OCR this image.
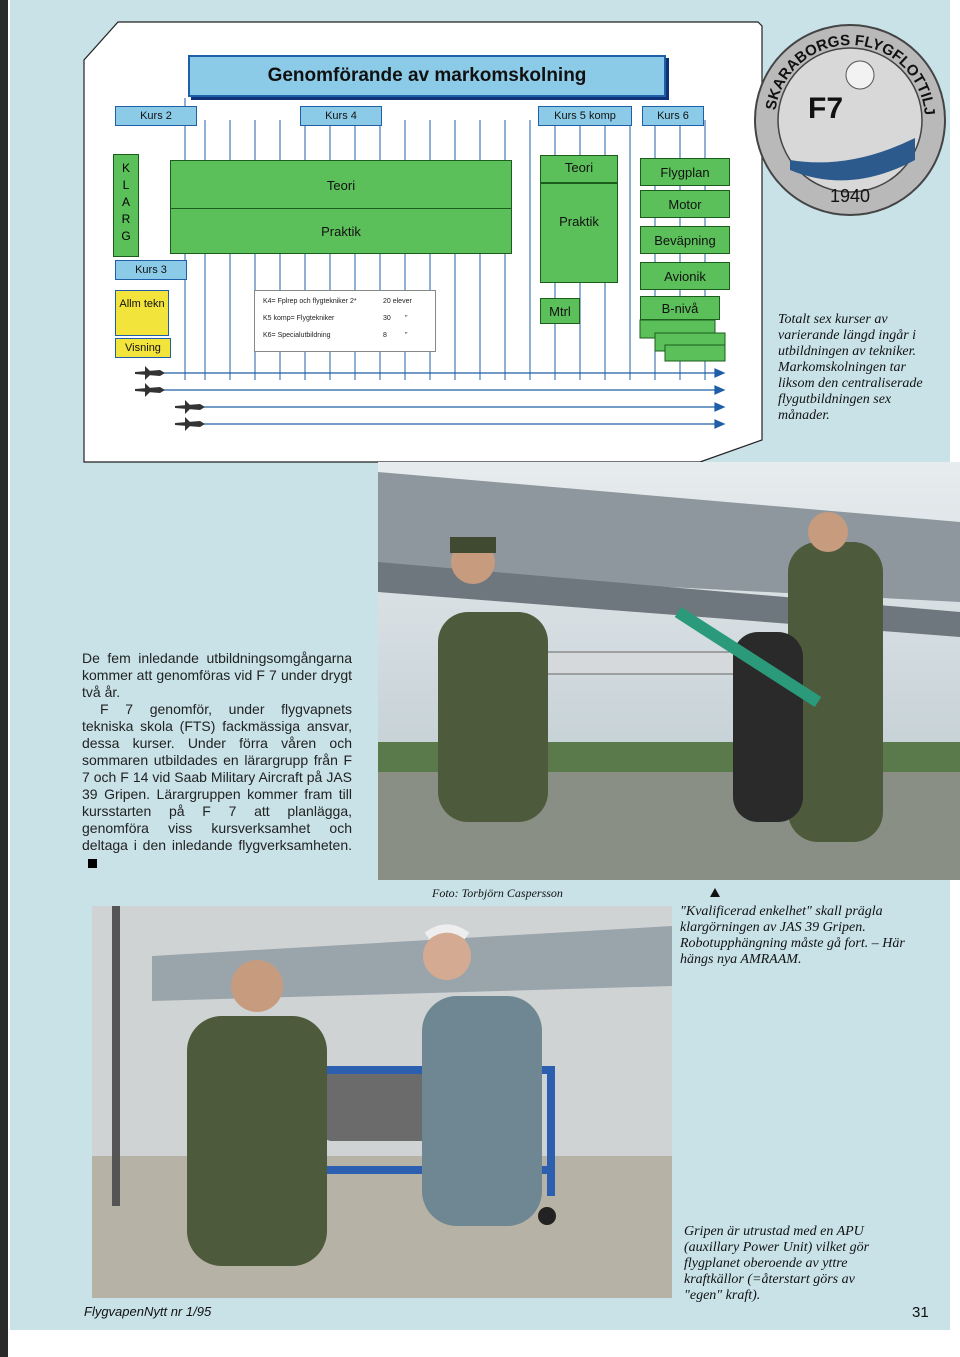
Genomförande av markomskolning
Kurs 2	Kurs 4	Kurs 5 komp	Kurs 6
Kurs 3
K
L
A
R
G
Teori
Praktik
Teori
Praktik
Flygplan
Motor
Beväpning
Avionik
Mtrl	B-nivå
Allm tekn
Visning
K4= Fplrep och flygtekniker 2*	20 elever
K5 komp= Flygtekniker	30 "
K6= Specialutbildning	8	"
F7
1940
SKARABORGS FLYGFLOTTILJ
Totalt sex kurser av varierande längd ingår i utbildningen av tekniker. Markomskolningen tar liksom den centraliserade flygutbildningen sex månader.

De fem inledande utbildningsomgångarna kommer att genomföras vid F 7 under drygt två år.

F 7 genomför, under flygvapnets tekniska skola (FTS) fackmässiga ansvar, dessa kurser. Under förra våren och sommaren utbildades en lärargrupp från F 7 och F 14 vid Saab Military Aircraft på JAS 39 Gripen. Lärargruppen kommer fram till kursstarten på F 7 att planlägga, genomföra viss kursverksamhet och deltaga i den inledande flygverksamheten.

Foto: Torbjörn Caspersson
"Kvalificerad enkelhet" skall prägla klargörningen av JAS 39 Gripen. Robotupphängning måste gå fort. – Här hängs nya AMRAAM.
Gripen är utrustad med en APU (auxillary Power Unit) vilket gör flygplanet oberoende av yttre kraftkällor (=återstart görs av "egen" kraft).
FlygvapenNytt nr 1/95	31
